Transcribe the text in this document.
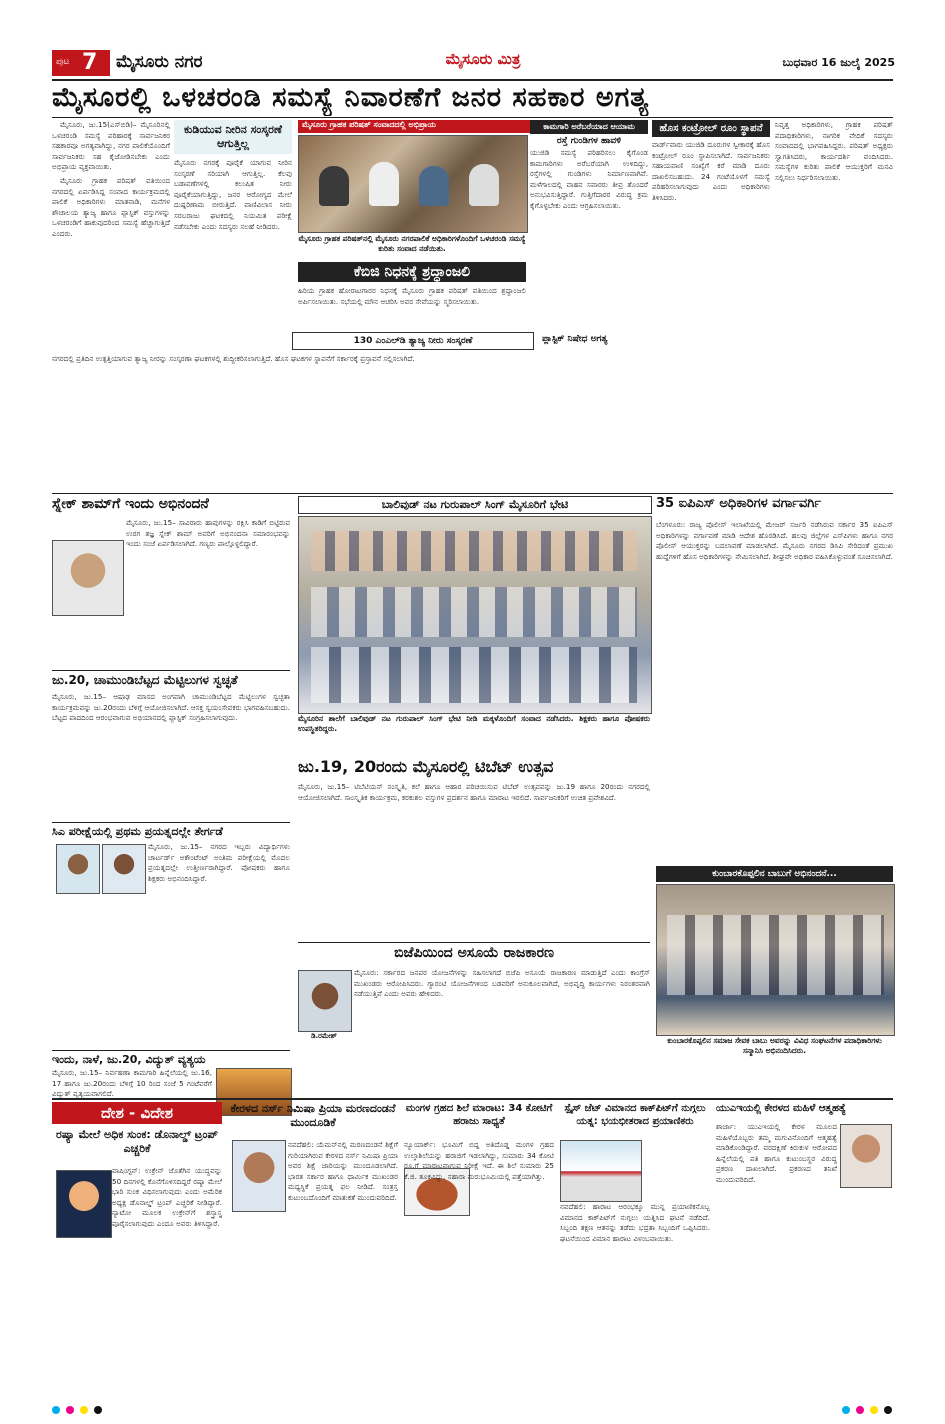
ಪುಟ 7 ಮೈಸೂರು ನಗರ	ಮೈಸೂರು ಮಿತ್ರ	ಬುಧವಾರ 16 ಜುಲೈ 2025
ಮೈಸೂರಲ್ಲಿ ಒಳಚರಂಡಿ ಸಮಸ್ಯೆ ನಿವಾರಣೆಗೆ ಜನರ ಸಹಕಾರ ಅಗತ್ಯ

ಮೈಸೂರು, ಜು.15(ಎಸ್‌ಬಿಡಿ)– ಮೈಸೂರಿನಲ್ಲಿ ಒಳಚರಂಡಿ ಸಮಸ್ಯೆ ಪರಿಹಾರಕ್ಕೆ ಸಾರ್ವಜನಿಕರ ಸಹಕಾರವೂ ಅಗತ್ಯವಾಗಿದ್ದು, ನಗರ ಪಾಲಿಕೆಯೊಂದಿಗೆ ಸಾರ್ವಜನಿಕರು ಸಹ ಕೈಜೋಡಿಸಬೇಕು ಎಂದು ಅಭಿಪ್ರಾಯ ವ್ಯಕ್ತವಾಯಿತು.

ಮೈಸೂರು ಗ್ರಾಹಕ ಪರಿಷತ್ ವತಿಯಿಂದ ನಗರದಲ್ಲಿ ಏರ್ಪಡಿಸಿದ್ದ ಸಂವಾದ ಕಾರ್ಯಕ್ರಮದಲ್ಲಿ ಪಾಲಿಕೆ ಅಧಿಕಾರಿಗಳು ಮಾತನಾಡಿ, ಮನೆಗಳ ಶೌಚಾಲಯ ತ್ಯಾಜ್ಯ ಹಾಗೂ ಪ್ಲಾಸ್ಟಿಕ್ ವಸ್ತುಗಳನ್ನು ಒಳಚರಂಡಿಗೆ ಹಾಕುವುದರಿಂದ ಸಮಸ್ಯೆ ಹೆಚ್ಚಾಗುತ್ತಿದೆ ಎಂದರು.

ಕುಡಿಯುವ ನೀರಿನ ಸಂಸ್ಕರಣೆ ಆಗುತ್ತಿಲ್ಲ
ಮೈಸೂರು ನಗರಕ್ಕೆ ಪೂರೈಕೆ ಯಾಗುವ ನೀರಿನ ಸಂಸ್ಕರಣೆ ಸರಿಯಾಗಿ ಆಗುತ್ತಿಲ್ಲ. ಕೆಲವು ಬಡಾವಣೆಗಳಲ್ಲಿ ಕಲುಷಿತ ನೀರು ಪೂರೈಕೆಯಾಗುತ್ತಿದ್ದು, ಜನರ ಆರೋಗ್ಯದ ಮೇಲೆ ದುಷ್ಪರಿಣಾಮ ಬೀರುತ್ತಿದೆ. ವಾಣಿವಿಲಾಸ ನೀರು ಸರಬರಾಜು ಘಟಕದಲ್ಲಿ ನಿಯಮಿತ ಪರೀಕ್ಷೆ ನಡೆಸಬೇಕು ಎಂದು ಸದಸ್ಯರು ಸಲಹೆ ನೀಡಿದರು.
ಮೈಸೂರು ಗ್ರಾಹಕ ಪರಿಷತ್ ಸಂವಾದದಲ್ಲಿ ಅಭಿಪ್ರಾಯ
ಮೈಸೂರು ಗ್ರಾಹಕ ಪರಿಷತ್‌ನಲ್ಲಿ ಮೈಸೂರು ನಗರಪಾಲಿಕೆ ಅಧಿಕಾರಿಗಳೊಂದಿಗೆ ಒಳಚರಂಡಿ ಸಮಸ್ಯೆ ಕುರಿತು ಸಂವಾದ ನಡೆಯಿತು.
ಕೆಬಿಜಿ ನಿಧನಕ್ಕೆ ಶ್ರದ್ಧಾಂಜಲಿ
ಹಿರಿಯ ಗ್ರಾಹಕ ಹೋರಾಟಗಾರರ ನಿಧನಕ್ಕೆ ಮೈಸೂರು ಗ್ರಾಹಕ ಪರಿಷತ್ ವತಿಯಿಂದ ಶ್ರದ್ಧಾಂಜಲಿ ಅರ್ಪಿಸಲಾಯಿತು. ಸಭೆಯಲ್ಲಿ ಮೌನ ಆಚರಿಸಿ ಅವರ ಸೇವೆಯನ್ನು ಸ್ಮರಿಸಲಾಯಿತು.
ಕಾಮಗಾರಿ ಅರೆಬರೆಯಾದ ಆಯಾಮ
ರಸ್ತೆ ಗುಂಡಿಗಳ ಹಾವಳಿ
ಯುಜಿಡಿ ಸಮಸ್ಯೆ ಪರಿಹರಿಸಲು ಕೈಗೊಂಡ ಕಾಮಗಾರಿಗಳು ಅರೆಬರೆಯಾಗಿ ಉಳಿದಿದ್ದು, ರಸ್ತೆಗಳಲ್ಲಿ ಗುಂಡಿಗಳು ನಿರ್ಮಾಣವಾಗಿವೆ. ಮಳೆಗಾಲದಲ್ಲಿ ವಾಹನ ಸವಾರರು ತೀವ್ರ ತೊಂದರೆ ಅನುಭವಿಸುತ್ತಿದ್ದಾರೆ. ಗುತ್ತಿಗೆದಾರರ ವಿರುದ್ಧ ಕ್ರಮ ಕೈಗೊಳ್ಳಬೇಕು ಎಂದು ಆಗ್ರಹಿಸಲಾಯಿತು.
ಹೊಸ ಕಂಟ್ರೋಲ್ ರೂಂ ಸ್ಥಾಪನೆ
ವಾರ್ಡ್‌ವಾರು ಯುಜಿಡಿ ದೂರುಗಳ ಸ್ವೀಕಾರಕ್ಕೆ ಹೊಸ ಕಂಟ್ರೋಲ್ ರೂಂ ಸ್ಥಾಪಿಸಲಾಗಿದೆ. ಸಾರ್ವಜನಿಕರು ಸಹಾಯವಾಣಿ ಸಂಖ್ಯೆಗೆ ಕರೆ ಮಾಡಿ ದೂರು ದಾಖಲಿಸಬಹುದು. 24 ಗಂಟೆಯೊಳಗೆ ಸಮಸ್ಯೆ ಪರಿಹರಿಸಲಾಗುವುದು ಎಂದು ಅಧಿಕಾರಿಗಳು ತಿಳಿಸಿದರು.
ನಿವೃತ್ತ ಅಧಿಕಾರಿಗಳು, ಗ್ರಾಹಕ ಪರಿಷತ್ ಪದಾಧಿಕಾರಿಗಳು, ನಾಗರಿಕ ವೇದಿಕೆ ಸದಸ್ಯರು ಸಂವಾದದಲ್ಲಿ ಭಾಗವಹಿಸಿದ್ದರು. ಪರಿಷತ್ ಅಧ್ಯಕ್ಷರು ಸ್ವಾಗತಿಸಿದರು, ಕಾರ್ಯದರ್ಶಿ ವಂದಿಸಿದರು. ಸಮಸ್ಯೆಗಳ ಕುರಿತು ಪಾಲಿಕೆ ಆಯುಕ್ತರಿಗೆ ಮನವಿ ಸಲ್ಲಿಸಲು ನಿರ್ಧರಿಸಲಾಯಿತು.
130 ಎಂಎಲ್‌ಡಿ ತ್ಯಾಜ್ಯ ನೀರು ಸಂಸ್ಕರಣೆ	ಪ್ಲಾಸ್ಟಿಕ್ ನಿಷೇಧ ಅಗತ್ಯ
ನಗರದಲ್ಲಿ ಪ್ರತಿದಿನ ಉತ್ಪತ್ತಿಯಾಗುವ ತ್ಯಾಜ್ಯ ನೀರನ್ನು ಸಂಸ್ಕರಣಾ ಘಟಕಗಳಲ್ಲಿ ಶುದ್ಧೀಕರಿಸಲಾಗುತ್ತಿದೆ. ಹೊಸ ಘಟಕಗಳ ಸ್ಥಾಪನೆಗೆ ಸರ್ಕಾರಕ್ಕೆ ಪ್ರಸ್ತಾವನೆ ಸಲ್ಲಿಸಲಾಗಿದೆ.
ಸ್ನೇಕ್ ಶಾಮ್‌ಗೆ ಇಂದು ಅಭಿನಂದನೆ
ಮೈಸೂರು, ಜು.15– ಸಾವಿರಾರು ಹಾವುಗಳನ್ನು ರಕ್ಷಿಸಿ ಕಾಡಿಗೆ ಬಿಟ್ಟಿರುವ ಉರಗ ತಜ್ಞ ಸ್ನೇಕ್ ಶಾಮ್ ಅವರಿಗೆ ಅಭಿನಂದನಾ ಸಮಾರಂಭವನ್ನು ಇಂದು ಸಂಜೆ ಏರ್ಪಡಿಸಲಾಗಿದೆ. ಗಣ್ಯರು ಪಾಲ್ಗೊಳ್ಳಲಿದ್ದಾರೆ.
ಜು.20, ಚಾಮುಂಡಿಬೆಟ್ಟದ ಮೆಟ್ಟಿಲುಗಳ ಸ್ವಚ್ಛತೆ
ಮೈಸೂರು, ಜು.15– ಆಷಾಢ ಮಾಸದ ಅಂಗವಾಗಿ ಚಾಮುಂಡಿಬೆಟ್ಟದ ಮೆಟ್ಟಿಲುಗಳ ಸ್ವಚ್ಛತಾ ಕಾರ್ಯಕ್ರಮವನ್ನು ಜು.20ರಂದು ಬೆಳಿಗ್ಗೆ ಆಯೋಜಿಸಲಾಗಿದೆ. ಆಸಕ್ತ ಸ್ವಯಂಸೇವಕರು ಭಾಗವಹಿಸಬಹುದು. ಬೆಟ್ಟದ ಪಾದದಿಂದ ಆರಂಭವಾಗುವ ಅಭಿಯಾನದಲ್ಲಿ ಪ್ಲಾಸ್ಟಿಕ್ ಸಂಗ್ರಹಿಸಲಾಗುವುದು.
ಸಿಎ ಪರೀಕ್ಷೆಯಲ್ಲಿ ಪ್ರಥಮ ಪ್ರಯತ್ನದಲ್ಲೇ ತೇರ್ಗಡೆ
ಮೈಸೂರು, ಜು.15– ನಗರದ ಇಬ್ಬರು ವಿದ್ಯಾರ್ಥಿಗಳು ಚಾರ್ಟರ್ಡ್ ಅಕೌಂಟೆಂಟ್ ಅಂತಿಮ ಪರೀಕ್ಷೆಯಲ್ಲಿ ಮೊದಲ ಪ್ರಯತ್ನದಲ್ಲೇ ಉತ್ತೀರ್ಣರಾಗಿದ್ದಾರೆ. ಪೋಷಕರು ಹಾಗೂ ಶಿಕ್ಷಕರು ಅಭಿನಂದಿಸಿದ್ದಾರೆ.
ಇಂದು, ನಾಳೆ, ಜು.20, ವಿದ್ಯುತ್ ವ್ಯತ್ಯಯ
ಮೈಸೂರು, ಜು.15– ನಿರ್ವಹಣಾ ಕಾಮಗಾರಿ ಹಿನ್ನೆಲೆಯಲ್ಲಿ ಜು.16, 17 ಹಾಗೂ ಜು.20ರಂದು ಬೆಳಿಗ್ಗೆ 10 ರಿಂದ ಸಂಜೆ 5 ಗಂಟೆವರೆಗೆ ವಿದ್ಯುತ್ ವ್ಯತ್ಯಯವಾಗಲಿದೆ.
ಬಾಲಿವುಡ್ ನಟ ಗುರುಪಾಲ್ ಸಿಂಗ್ ಮೈಸೂರಿಗೆ ಭೇಟಿ
ಮೈಸೂರಿನ ಶಾಲೆಗೆ ಬಾಲಿವುಡ್ ನಟ ಗುರುಪಾಲ್ ಸಿಂಗ್ ಭೇಟಿ ನೀಡಿ ಮಕ್ಕಳೊಂದಿಗೆ ಸಂವಾದ ನಡೆಸಿದರು. ಶಿಕ್ಷಕರು ಹಾಗೂ ಪೋಷಕರು ಉಪಸ್ಥಿತರಿದ್ದರು.
ಜು.19, 20ರಂದು ಮೈಸೂರಲ್ಲಿ ಟಿಬೆಟ್ ಉತ್ಸವ
ಮೈಸೂರು, ಜು.15– ಟಿಬೆಟಿಯನ್ ಸಂಸ್ಕೃತಿ, ಕಲೆ ಹಾಗೂ ಆಹಾರ ಪರಿಚಯಿಸುವ ಟಿಬೆಟ್ ಉತ್ಸವವನ್ನು ಜು.19 ಹಾಗೂ 20ರಂದು ನಗರದಲ್ಲಿ ಆಯೋಜಿಸಲಾಗಿದೆ. ಸಾಂಸ್ಕೃತಿಕ ಕಾರ್ಯಕ್ರಮ, ಕರಕುಶಲ ವಸ್ತುಗಳ ಪ್ರದರ್ಶನ ಹಾಗೂ ಮಾರಾಟ ಇರಲಿದೆ. ಸಾರ್ವಜನಿಕರಿಗೆ ಉಚಿತ ಪ್ರವೇಶವಿದೆ.
ಬಿಜೆಪಿಯಿಂದ ಅಸೂಯೆ ರಾಜಕಾರಣ
ಡಿ.ರಮೇಶ್
ಮೈಸೂರು: ಸರ್ಕಾರದ ಜನಪರ ಯೋಜನೆಗಳನ್ನು ಸಹಿಸಲಾಗದೆ ಬಿಜೆಪಿ ಅಸೂಯೆ ರಾಜಕಾರಣ ಮಾಡುತ್ತಿದೆ ಎಂದು ಕಾಂಗ್ರೆಸ್ ಮುಖಂಡರು ಆರೋಪಿಸಿದರು. ಗ್ಯಾರಂಟಿ ಯೋಜನೆಗಳಿಂದ ಬಡವರಿಗೆ ಅನುಕೂಲವಾಗಿದೆ, ಅಭಿವೃದ್ಧಿ ಕಾರ್ಯಗಳು ನಿರಂತರವಾಗಿ ನಡೆಯುತ್ತಿವೆ ಎಂದು ಅವರು ಹೇಳಿದರು.
35 ಐಪಿಎಸ್ ಅಧಿಕಾರಿಗಳ ವರ್ಗಾವರ್ಗಿ
ಬೆಂಗಳೂರು: ರಾಜ್ಯ ಪೊಲೀಸ್ ಇಲಾಖೆಯಲ್ಲಿ ಮೇಜರ್ ಸರ್ಜರಿ ನಡೆಸಿರುವ ಸರ್ಕಾರ 35 ಐಪಿಎಸ್ ಅಧಿಕಾರಿಗಳನ್ನು ವರ್ಗಾವಣೆ ಮಾಡಿ ಆದೇಶ ಹೊರಡಿಸಿದೆ. ಹಲವು ಜಿಲ್ಲೆಗಳ ಎಸ್‌ಪಿಗಳು ಹಾಗೂ ನಗರ ಪೊಲೀಸ್ ಆಯುಕ್ತರನ್ನು ಬದಲಾವಣೆ ಮಾಡಲಾಗಿದೆ. ಮೈಸೂರು ನಗರದ ಡಿಸಿಪಿ ಸೇರಿದಂತೆ ಪ್ರಮುಖ ಹುದ್ದೆಗಳಿಗೆ ಹೊಸ ಅಧಿಕಾರಿಗಳನ್ನು ನೇಮಿಸಲಾಗಿದೆ. ಶೀಘ್ರವೇ ಅಧಿಕಾರ ವಹಿಸಿಕೊಳ್ಳುವಂತೆ ಸೂಚಿಸಲಾಗಿದೆ.
ಕುಂಬಾರಕೊಪ್ಪಲಿನ ಬಾಬುಗೆ ಅಭಿನಂದನೆ...
ಕುಂಬಾರಕೊಪ್ಪಲಿನ ಸಮಾಜ ಸೇವಕ ಬಾಬು ಅವರನ್ನು ವಿವಿಧ ಸಂಘಟನೆಗಳ ಪದಾಧಿಕಾರಿಗಳು ಸನ್ಮಾನಿಸಿ ಅಭಿನಂದಿಸಿದರು.
ದೇಶ - ವಿದೇಶ
ರಷ್ಯಾ ಮೇಲೆ ಅಧಿಕ ಸುಂಕ: ಡೊನಾಲ್ಡ್ ಟ್ರಂಪ್ ಎಚ್ಚರಿಕೆ
ವಾಷಿಂಗ್ಟನ್: ಉಕ್ರೇನ್ ಜೊತೆಗಿನ ಯುದ್ಧವನ್ನು 50 ದಿನಗಳಲ್ಲಿ ಕೊನೆಗೊಳಿಸದಿದ್ದರೆ ರಷ್ಯಾ ಮೇಲೆ ಭಾರಿ ಸುಂಕ ವಿಧಿಸಲಾಗುವುದು ಎಂದು ಅಮೆರಿಕ ಅಧ್ಯಕ್ಷ ಡೊನಾಲ್ಡ್ ಟ್ರಂಪ್ ಎಚ್ಚರಿಕೆ ನೀಡಿದ್ದಾರೆ. ನ್ಯಾಟೋ ಮೂಲಕ ಉಕ್ರೇನ್‌ಗೆ ಶಸ್ತ್ರಾಸ್ತ್ರ ಪೂರೈಸಲಾಗುವುದು ಎಂದೂ ಅವರು ತಿಳಿಸಿದ್ದಾರೆ.
ಕೇರಳದ ನರ್ಸ್ ನಿಮಿಷಾ ಪ್ರಿಯಾ ಮರಣದಂಡನೆ ಮುಂದೂಡಿಕೆ
ನವದೆಹಲಿ: ಯೆಮನ್‌ನಲ್ಲಿ ಮರಣದಂಡನೆ ಶಿಕ್ಷೆಗೆ ಗುರಿಯಾಗಿರುವ ಕೇರಳದ ನರ್ಸ್ ನಿಮಿಷಾ ಪ್ರಿಯಾ ಅವರ ಶಿಕ್ಷೆ ಜಾರಿಯನ್ನು ಮುಂದೂಡಲಾಗಿದೆ. ಭಾರತ ಸರ್ಕಾರ ಹಾಗೂ ಧಾರ್ಮಿಕ ಮುಖಂಡರ ಮಧ್ಯಸ್ಥಿಕೆ ಪ್ರಯತ್ನ ಫಲ ನೀಡಿದೆ. ಸಂತ್ರಸ್ತ ಕುಟುಂಬದೊಂದಿಗೆ ಮಾತುಕತೆ ಮುಂದುವರಿದಿದೆ.
ಮಂಗಳ ಗ್ರಹದ ಶಿಲೆ ಮಾರಾಟ: 34 ಕೋಟಿಗೆ ಹರಾಜು ಸಾಧ್ಯತೆ
ನ್ಯೂಯಾರ್ಕ್: ಭೂಮಿಗೆ ಬಿದ್ದ ಅತಿದೊಡ್ಡ ಮಂಗಳ ಗ್ರಹದ ಉಲ್ಕಾಶಿಲೆಯನ್ನು ಹರಾಜಿಗೆ ಇಡಲಾಗಿದ್ದು, ಸುಮಾರು 34 ಕೋಟಿ ರೂ.ಗೆ ಮಾರಾಟವಾಗುವ ನಿರೀಕ್ಷೆ ಇದೆ. ಈ ಶಿಲೆ ಸುಮಾರು 25 ಕೆ.ಜಿ. ತೂಕವಿದ್ದು, ಸಹಾರಾ ಮರುಭೂಮಿಯಲ್ಲಿ ಪತ್ತೆಯಾಗಿತ್ತು.
ಸ್ಪೈಸ್ ಜೆಟ್ ವಿಮಾನದ ಕಾಕ್‌ಪಿಟ್‌ಗೆ ನುಗ್ಗಲು ಯತ್ನ: ಭಯಭೀತರಾದ ಪ್ರಯಾಣಿಕರು
ನವದೆಹಲಿ: ಹಾರಾಟ ಆರಂಭಕ್ಕೂ ಮುನ್ನ ಪ್ರಯಾಣಿಕನೊಬ್ಬ ವಿಮಾನದ ಕಾಕ್‌ಪಿಟ್‌ಗೆ ನುಗ್ಗಲು ಯತ್ನಿಸಿದ ಘಟನೆ ನಡೆದಿದೆ. ಸಿಬ್ಬಂದಿ ತಕ್ಷಣ ಆತನನ್ನು ತಡೆದು ಭದ್ರತಾ ಸಿಬ್ಬಂದಿಗೆ ಒಪ್ಪಿಸಿದರು. ಘಟನೆಯಿಂದ ವಿಮಾನ ಹಾರಾಟ ವಿಳಂಬವಾಯಿತು.
ಯುಎಇಯಲ್ಲಿ ಕೇರಳದ ಮಹಿಳೆ ಆತ್ಮಹತ್ಯೆ
ಶಾರ್ಜಾ: ಯುಎಇಯಲ್ಲಿ ಕೇರಳ ಮೂಲದ ಮಹಿಳೆಯೊಬ್ಬರು ತಮ್ಮ ಮಗುವಿನೊಂದಿಗೆ ಆತ್ಮಹತ್ಯೆ ಮಾಡಿಕೊಂಡಿದ್ದಾರೆ. ವರದಕ್ಷಿಣೆ ಕಿರುಕುಳ ಆರೋಪದ ಹಿನ್ನೆಲೆಯಲ್ಲಿ ಪತಿ ಹಾಗೂ ಕುಟುಂಬಸ್ಥರ ವಿರುದ್ಧ ಪ್ರಕರಣ ದಾಖಲಾಗಿದೆ. ಪ್ರಕರಣದ ತನಿಖೆ ಮುಂದುವರಿದಿದೆ.
